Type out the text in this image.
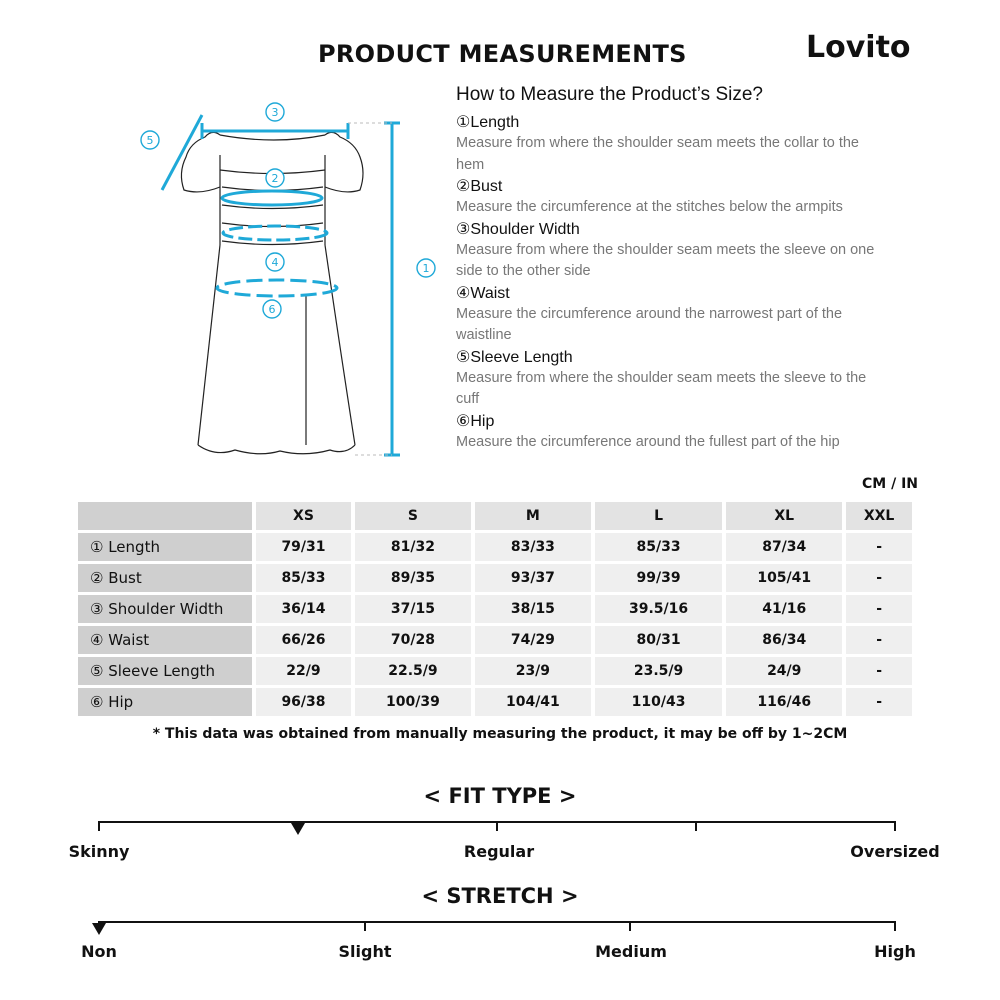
PRODUCT MEASUREMENTS	Lovito
3
2
4
6
5
1
How to Measure the Product’s Size?
①Length
Measure from where the shoulder seam meets the collar to the hem
②Bust
Measure the circumference at the stitches below the armpits
③Shoulder Width
Measure from where the shoulder seam meets the sleeve on one side to the other side
④Waist
Measure the circumference around the narrowest part of the waistline
⑤Sleeve Length
Measure from where the shoulder seam meets the sleeve to the cuff
⑥Hip
Measure the circumference around the fullest part of the hip
CM / IN
	XS	S	M	L	XL	XXL
① Length	79/31	81/32	83/33	85/33	87/34	-
② Bust	85/33	89/35	93/37	99/39	105/41	-
③ Shoulder Width	36/14	37/15	38/15	39.5/16	41/16	-
④ Waist	66/26	70/28	74/29	80/31	86/34	-
⑤ Sleeve Length	22/9	22.5/9	23/9	23.5/9	24/9	-
⑥ Hip	96/38	100/39	104/41	110/43	116/46	-
* This data was obtained from manually measuring the product, it may be off by 1~2CM
< FIT TYPE >
Skinny	Regular	Oversized
< STRETCH >
Non	Slight	Medium	High
